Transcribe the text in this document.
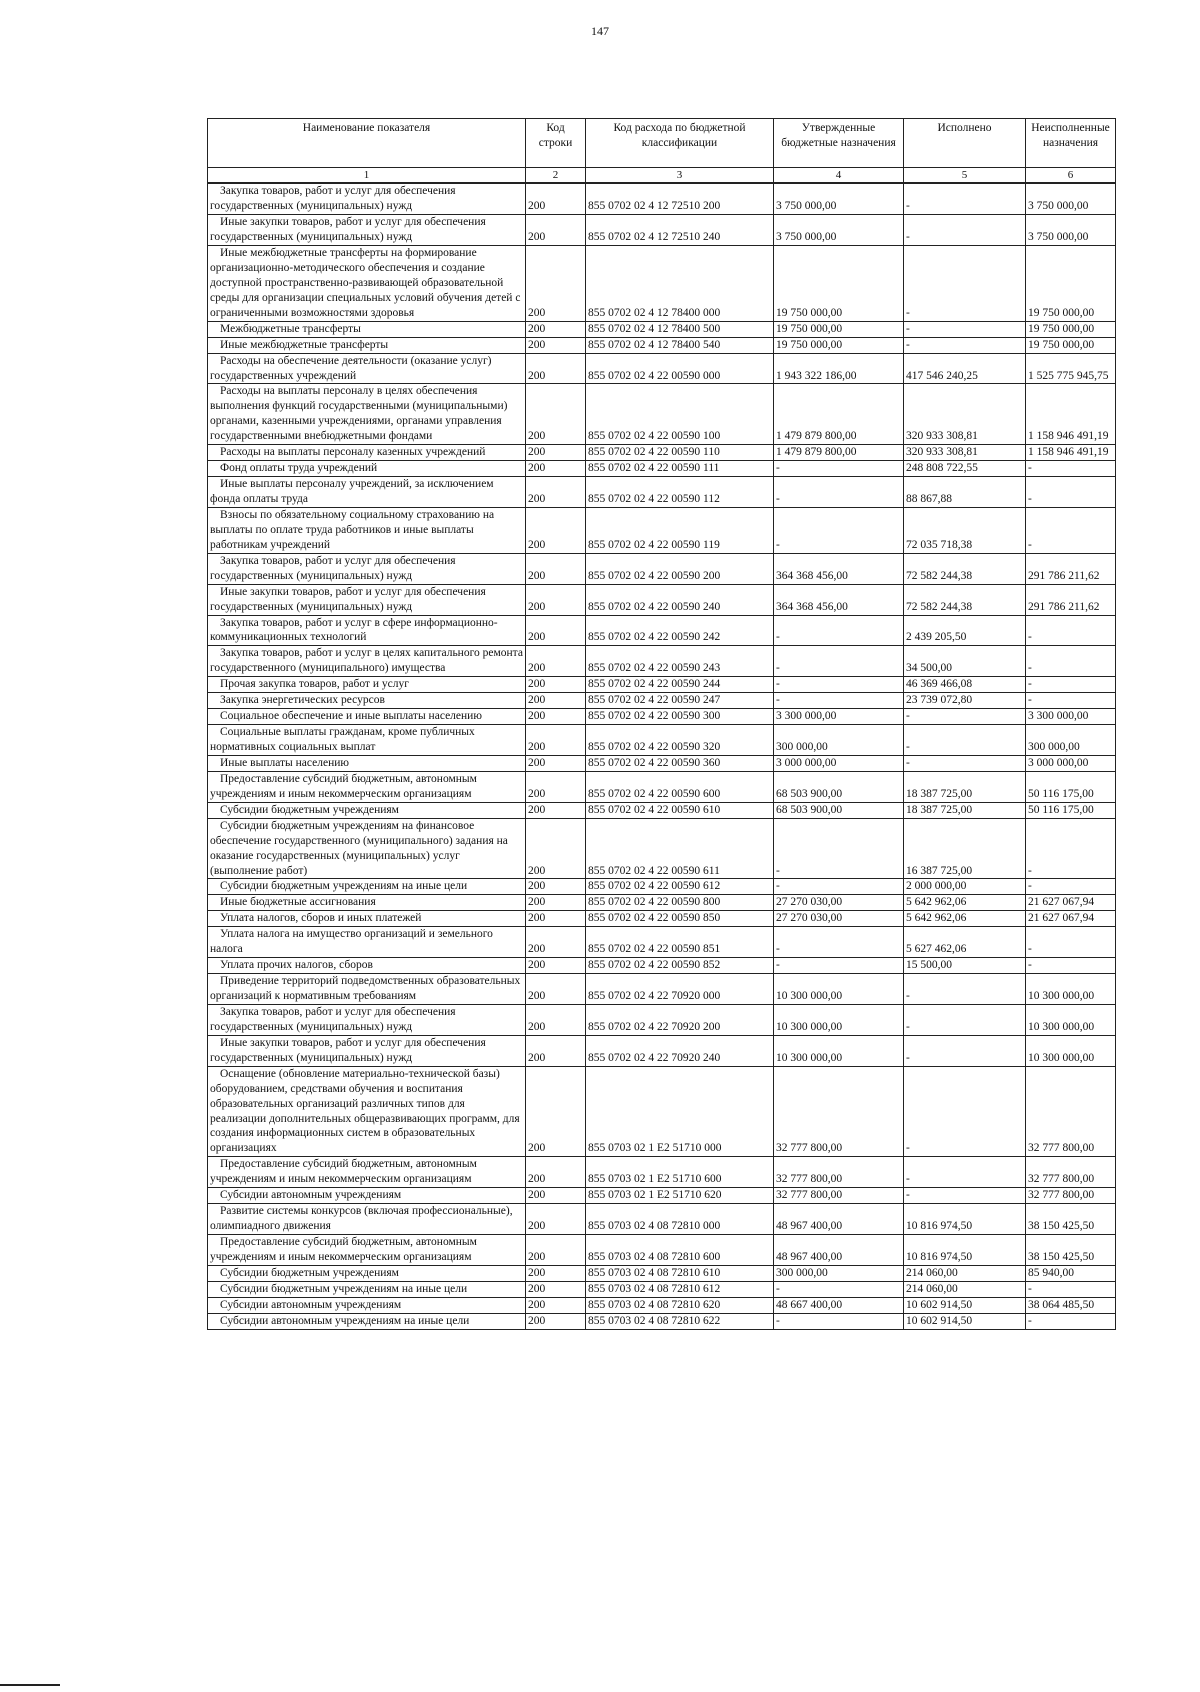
147
Наименование показателя	Код строки	Код расхода по бюджетной классификации	Утвержденные бюджетные назначения	Исполнено	Неисполненные назначения
1	2	3	4	5	6

Закупка товаров, работ и услуг для обеспечения государственных (муниципальных) нужд	200	855 0702 02 4 12 72510 200	3 750 000,00	-	3 750 000,00

Иные закупки товаров, работ и услуг для обеспечения государственных (муниципальных) нужд	200	855 0702 02 4 12 72510 240	3 750 000,00	-	3 750 000,00

Иные межбюджетные трансферты на формирование организационно-методического обеспечения и создание доступной пространственно-развивающей образовательной среды для организации специальных условий обучения детей с ограниченными возможностями здоровья	200	855 0702 02 4 12 78400 000	19 750 000,00	-	19 750 000,00

Межбюджетные трансферты	200	855 0702 02 4 12 78400 500	19 750 000,00	-	19 750 000,00

Иные межбюджетные трансферты	200	855 0702 02 4 12 78400 540	19 750 000,00	-	19 750 000,00

Расходы на обеспечение деятельности (оказание услуг) государственных учреждений	200	855 0702 02 4 22 00590 000	1 943 322 186,00	417 546 240,25	1 525 775 945,75

Расходы на выплаты персоналу в целях обеспечения выполнения функций государственными (муниципальными) органами, казенными учреждениями, органами управления государственными внебюджетными фондами	200	855 0702 02 4 22 00590 100	1 479 879 800,00	320 933 308,81	1 158 946 491,19

Расходы на выплаты персоналу казенных учреждений	200	855 0702 02 4 22 00590 110	1 479 879 800,00	320 933 308,81	1 158 946 491,19

Фонд оплаты труда учреждений	200	855 0702 02 4 22 00590 111	-	248 808 722,55	-

Иные выплаты персоналу учреждений, за исключением фонда оплаты труда	200	855 0702 02 4 22 00590 112	-	88 867,88	-

Взносы по обязательному социальному страхованию на выплаты по оплате труда работников и иные выплаты работникам учреждений	200	855 0702 02 4 22 00590 119	-	72 035 718,38	-

Закупка товаров, работ и услуг для обеспечения государственных (муниципальных) нужд	200	855 0702 02 4 22 00590 200	364 368 456,00	72 582 244,38	291 786 211,62

Иные закупки товаров, работ и услуг для обеспечения государственных (муниципальных) нужд	200	855 0702 02 4 22 00590 240	364 368 456,00	72 582 244,38	291 786 211,62

Закупка товаров, работ и услуг в сфере информационно-коммуникационных технологий	200	855 0702 02 4 22 00590 242	-	2 439 205,50	-

Закупка товаров, работ и услуг в целях капитального ремонта государственного (муниципального) имущества	200	855 0702 02 4 22 00590 243	-	34 500,00	-

Прочая закупка товаров, работ и услуг	200	855 0702 02 4 22 00590 244	-	46 369 466,08	-

Закупка энергетических ресурсов	200	855 0702 02 4 22 00590 247	-	23 739 072,80	-

Социальное обеспечение и иные выплаты населению	200	855 0702 02 4 22 00590 300	3 300 000,00	-	3 300 000,00

Социальные выплаты гражданам, кроме публичных нормативных социальных выплат	200	855 0702 02 4 22 00590 320	300 000,00	-	300 000,00

Иные выплаты населению	200	855 0702 02 4 22 00590 360	3 000 000,00	-	3 000 000,00

Предоставление субсидий бюджетным, автономным учреждениям и иным некоммерческим организациям	200	855 0702 02 4 22 00590 600	68 503 900,00	18 387 725,00	50 116 175,00

Субсидии бюджетным учреждениям	200	855 0702 02 4 22 00590 610	68 503 900,00	18 387 725,00	50 116 175,00

Субсидии бюджетным учреждениям на финансовое обеспечение государственного (муниципального) задания на оказание государственных (муниципальных) услуг (выполнение работ)	200	855 0702 02 4 22 00590 611	-	16 387 725,00	-

Субсидии бюджетным учреждениям на иные цели	200	855 0702 02 4 22 00590 612	-	2 000 000,00	-

Иные бюджетные ассигнования	200	855 0702 02 4 22 00590 800	27 270 030,00	5 642 962,06	21 627 067,94

Уплата налогов, сборов и иных платежей	200	855 0702 02 4 22 00590 850	27 270 030,00	5 642 962,06	21 627 067,94

Уплата налога на имущество организаций и земельного налога	200	855 0702 02 4 22 00590 851	-	5 627 462,06	-

Уплата прочих налогов, сборов	200	855 0702 02 4 22 00590 852	-	15 500,00	-

Приведение территорий подведомственных образовательных организаций к нормативным требованиям	200	855 0702 02 4 22 70920 000	10 300 000,00	-	10 300 000,00

Закупка товаров, работ и услуг для обеспечения государственных (муниципальных) нужд	200	855 0702 02 4 22 70920 200	10 300 000,00	-	10 300 000,00

Иные закупки товаров, работ и услуг для обеспечения государственных (муниципальных) нужд	200	855 0702 02 4 22 70920 240	10 300 000,00	-	10 300 000,00

Оснащение (обновление материально-технической базы) оборудованием, средствами обучения и воспитания образовательных организаций различных типов для реализации дополнительных общеразвивающих программ, для создания информационных систем в образовательных организациях	200	855 0703 02 1 E2 51710 000	32 777 800,00	-	32 777 800,00

Предоставление субсидий бюджетным, автономным учреждениям и иным некоммерческим организациям	200	855 0703 02 1 E2 51710 600	32 777 800,00	-	32 777 800,00

Субсидии автономным учреждениям	200	855 0703 02 1 E2 51710 620	32 777 800,00	-	32 777 800,00

Развитие системы конкурсов (включая профессиональные), олимпиадного движения	200	855 0703 02 4 08 72810 000	48 967 400,00	10 816 974,50	38 150 425,50

Предоставление субсидий бюджетным, автономным учреждениям и иным некоммерческим организациям	200	855 0703 02 4 08 72810 600	48 967 400,00	10 816 974,50	38 150 425,50

Субсидии бюджетным учреждениям	200	855 0703 02 4 08 72810 610	300 000,00	214 060,00	85 940,00

Субсидии бюджетным учреждениям на иные цели	200	855 0703 02 4 08 72810 612	-	214 060,00	-

Субсидии автономным учреждениям	200	855 0703 02 4 08 72810 620	48 667 400,00	10 602 914,50	38 064 485,50

Субсидии автономным учреждениям на иные цели	200	855 0703 02 4 08 72810 622	-	10 602 914,50	-
